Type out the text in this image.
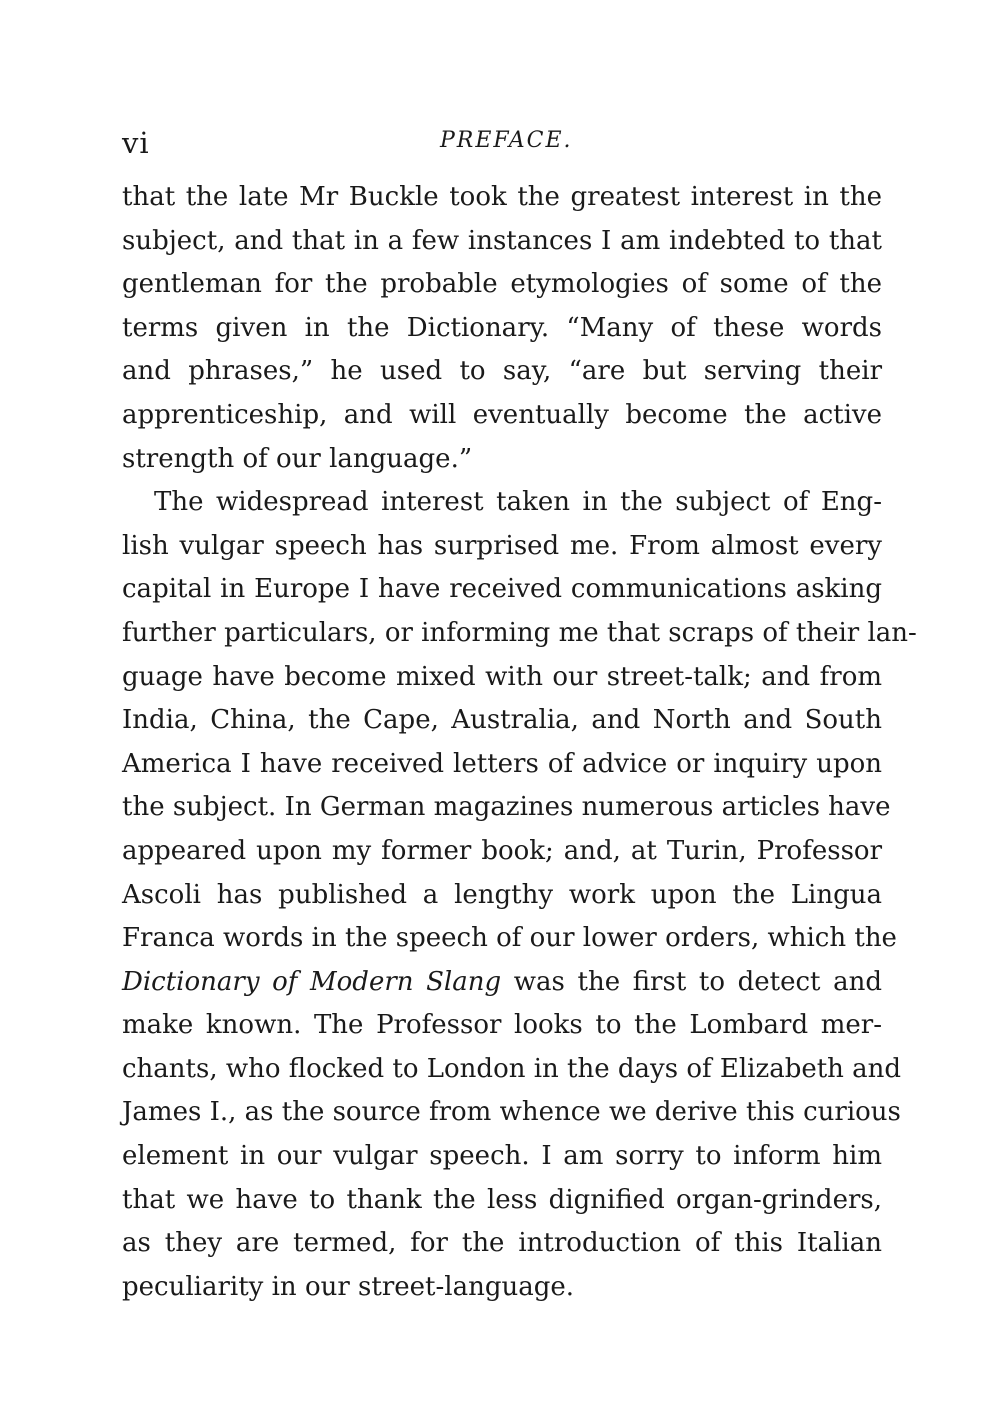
vi	PREFACE.
that the late Mr Buckle took the greatest interest in the
subject, and that in a few instances I am indebted to that
gentleman for the probable etymologies of some of the
terms given in the Dictionary. “Many of these words
and phrases,” he used to say, “are but serving their
apprenticeship, and will eventually become the active
strength of our language.”
The widespread interest taken in the subject of Eng-
lish vulgar speech has surprised me. From almost every
capital in Europe I have received communications asking
further particulars, or informing me that scraps of their lan-
guage have become mixed with our street-talk; and from
India, China, the Cape, Australia, and North and South
America I have received letters of advice or inquiry upon
the subject. In German magazines numerous articles have
appeared upon my former book; and, at Turin, Professor
Ascoli has published a lengthy work upon the Lingua
Franca words in the speech of our lower orders, which the
Dictionary of Modern Slang was the first to detect and
make known. The Professor looks to the Lombard mer-
chants, who flocked to London in the days of Elizabeth and
James I., as the source from whence we derive this curious
element in our vulgar speech. I am sorry to inform him
that we have to thank the less dignified organ-grinders,
as they are termed, for the introduction of this Italian
peculiarity in our street-language.
